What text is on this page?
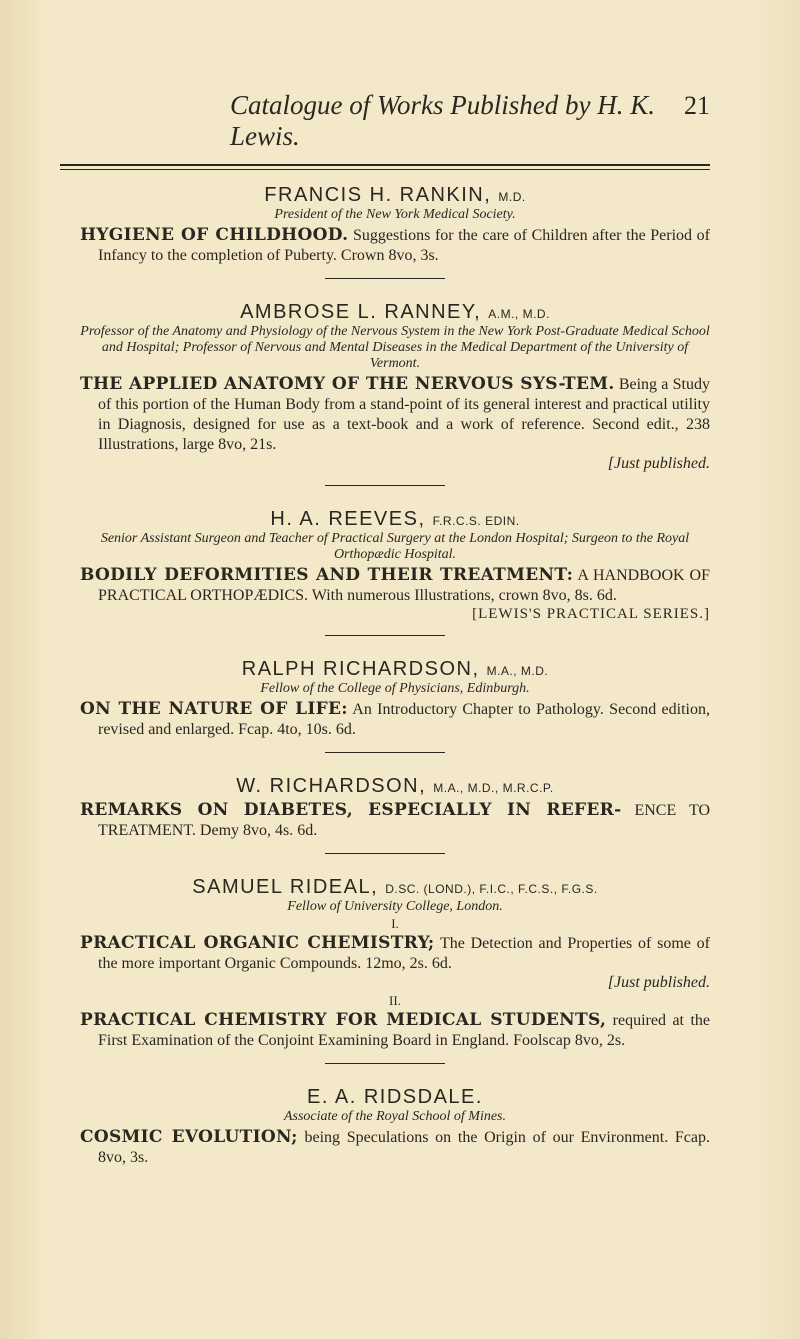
Catalogue of Works Published by H. K. Lewis.
21
FRANCIS H. RANKIN, M.D.
President of the New York Medical Society.
HYGIENE OF CHILDHOOD. Suggestions for the care of Children after the Period of Infancy to the completion of Puberty. Crown 8vo, 3s.
AMBROSE L. RANNEY, A.M., M.D.
Professor of the Anatomy and Physiology of the Nervous System in the New York Post-Graduate Medical School and Hospital; Professor of Nervous and Mental Diseases in the Medical Department of the University of Vermont.
THE APPLIED ANATOMY OF THE NERVOUS SYS-TEM. Being a Study of this portion of the Human Body from a stand-point of its general interest and practical utility in Diagnosis, designed for use as a text-book and a work of reference. Second edit., 238 Illustrations, large 8vo, 21s.
[Just published.
H. A. REEVES, F.R.C.S. EDIN.
Senior Assistant Surgeon and Teacher of Practical Surgery at the London Hospital; Surgeon to the Royal Orthopædic Hospital.
BODILY DEFORMITIES AND THEIR TREATMENT: A HANDBOOK OF PRACTICAL ORTHOPÆDICS. With numerous Illustrations, crown 8vo, 8s. 6d.
[LEWIS'S PRACTICAL SERIES.]
RALPH RICHARDSON, M.A., M.D.
Fellow of the College of Physicians, Edinburgh.
ON THE NATURE OF LIFE: An Introductory Chapter to Pathology. Second edition, revised and enlarged. Fcap. 4to, 10s. 6d.
W. RICHARDSON, M.A., M.D., M.R.C.P.
REMARKS ON DIABETES, ESPECIALLY IN REFER- ENCE TO TREATMENT. Demy 8vo, 4s. 6d.
SAMUEL RIDEAL, D.SC. (LOND.), F.I.C., F.C.S., F.G.S.
Fellow of University College, London.
I.
PRACTICAL ORGANIC CHEMISTRY; The Detection and Properties of some of the more important Organic Compounds. 12mo, 2s. 6d.
[Just published.
II.
PRACTICAL CHEMISTRY FOR MEDICAL STUDENTS, required at the First Examination of the Conjoint Examining Board in England. Foolscap 8vo, 2s.
E. A. RIDSDALE.
Associate of the Royal School of Mines.
COSMIC EVOLUTION; being Speculations on the Origin of our Environment. Fcap. 8vo, 3s.
